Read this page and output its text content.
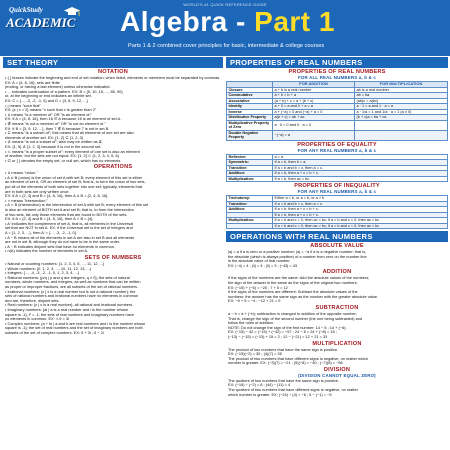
WORLD'S #1 QUICK REFERENCE GUIDE
QuickStudy
ACADEMIC Algebra - Part 1
Parts 1 & 2 combined cover principles for basic, intermediate & college courses
SET THEORY
NOTATION

• { } braces indicate the beginning and end of set notation; when listed, elements or members must be separated by commas. EX: A = {4, 8, 16}; sets are finite

(ending, or having a last element) unless otherwise indicated.

• ... indicates continuation of a pattern. EX: B = {5, 10, 15, ..., 85, 90}

or, at the beginning or end indicates an infinite set.

EX: C = {..., -3, -2, -1, 0} and D = {3, 6, 9, 12, ...}

• | means "such that"

EX: {x | x > 2} means "x such that x is greater than 2"

• ∪ means "is a member of" OR "is an element of."

EX: If A = {4, 8, 16}, then 16 ∈ A because 16 is an element of set A.

• ∉ means "is not a member of" OR "is not an element of."

EX: If B = {3, 9, 12, ...}, then 7 ∉ B because 7 is not in set B.

• ⊆ means "is a subset of"; this means that all elements of one set are also

elements of another set. EX: {1, 2} ⊆ {1, 2, 3}

• ⊄ means "is not a subset of"; also may be written as ⊈.

EX: {1, 5} ⊄ {1, 2, 3} because 5 is not in the second set.

• ⊂ means "is a proper subset of"; every element of one set is also an element

of another, but the sets are not equal. EX: {1, 2} ⊂ {1, 2, 3, 4, 5, 6}

• ∅ or { } denotes the empty set, or null set, which has no elements.

OPERATIONS

• ∪ means "union."

• A ∪ B (union) is the union of set A with set B; every element of this set is either

an element of set A, OR an element of set B; that is, to form the union of two sets,

put all of the elements of both sets together into one set; typically, elements that

are in both sets are only written once.

EX: If A = {2, 4} and B = {4, 8, 16}, then A ∪ B = {2, 4, 8, 16}.

• ∩ means "intersection."

• A ∩ B (intersection) is the intersection of set A with set B; every element of this set

is also an element of BOTH set A and set B; that is, to form the intersection

of two sets, list only those elements that are found in BOTH of the sets.

EX: If A = {2, 4} and B = {4, 8, 16}, then A ∩ B = {4}.

• A′ indicates the complement of set A, that is, all elements in the Universal

set that are NOT in set A. EX: If the Universal set is the set of integers and

A = {1, 2, 3, ...}, then A′ = {..., -3, -2, -1, 0}.

• A − B means all of the elements in set A are also in set B and all elements

are not in set B; although they do not have to be in the same order.

• A ~ B indicates disjoint sets that have no elements in common.

• n(A) indicates the number of elements in set A.

SETS OF NUMBERS

• Natural or counting numbers: {1, 2, 3, 4, 5, ..., 11, 12, ...}

• Whole numbers: {0, 1, 2, 3, ..., 10, 11, 12, 13, ...}

• Integers: {..., -4, -3, -2, -1, 0, 1, 2, 3, 4, ...}

• Rational numbers: {p/q | p and q are integers, q ≠ 0}; the sets of natural

numbers, whole numbers, and integers, as well as numbers that can be written

as proper or improper fractions, are all subsets of the set of rational numbers.

• Irrational numbers: {x | x is a real number but is not a rational number}; the

sets of rational numbers and irrational numbers have no elements in common

and are, therefore, disjoint sets.

• Real numbers: {x | x is a real number}; all rational and irrational numbers.

• Imaginary numbers: {ai | a is a real number and i is the number whose

square is -1}; i² = -1; the sets of real numbers and imaginary numbers have

no elements in common. EX: √-9 = 3i

• Complex numbers: {a + bi | a and b are real numbers and i is the number whose

square is -1}; the set of real numbers and the set of imaginary numbers are both

subsets of the set of complex numbers. EX: 5 + 3i ; 5 − 2i

PROPERTIES OF REAL NUMBERS
PROPERTIES OF REAL NUMBERS
FOR ALL REAL NUMBERS a, b & c
	FOR ADDITION	FOR MULTIPLICATION
Closure	a + b is a real number	ab is a real number
Commutative	a + b = b + a	ab = ba
Associative	(a + b) + c = a + (b + c)	(ab)c = a(bc)
Identity	a + 0 = a and 0 + a = a	a · 1 = a and 1 · a = a
Inverse	a + (−a) = 0 and (−a) + a = 0	a · 1/a = 1 and 1/a · a = 1 (a ≠ 0)
Distributive Property	a(b + c) = ab + ac	(b + c)a = ba + ca
Multiplicative Property of Zero	a · 0 = 0 and 0 · a = 0	
Double Negative Property	−(−a) = a	
PROPERTIES OF EQUALITY
FOR ANY REAL NUMBERS a, b & c
Reflexive:	a = a
Symmetric:	If a = b, then b = a.
Transitive:	If a = b and b = c, then a = c.
Addition:	If a = b, then a + c = b + c.
Multiplication:	If a = b, then ac = bc.
PROPERTIES OF INEQUALITY
FOR ANY REAL NUMBERS a, b & c
Trichotomy:	Either a < b, or a = b, or a > b
Transitive:	If a < b and b < c, then a < c.
Addition:	If a < b, then a + c < b + c.
	If a > b, then a + c > b + c.
Multiplication:	If a < b and c > 0, then ac < bc; if a < b and c < 0, then ac > bc
	If a > b and c > 0, then ac > bc; if a > b and c < 0, then ac < bc
OPERATIONS WITH REAL NUMBERS
ABSOLUTE VALUE

|a| = a if a is zero or a positive number; |a| = −a if a is a negative number; that is,

the absolute (which is always positive) of a number from zero on the number line

is the absolute value of that number.

EX: |−4| = 4 ; |4| = 4 ; |3| = 3 ; |−43| = 43

ADDITION

If the signs of the numbers are the same: Add the absolute values of the numbers;

the sign of the answer is the same as the signs of the original two numbers.

EX: (−15) + (−5) = −20 ; 7 + 5 = 12

If the signs of the numbers are different: Subtract the absolute values of the

numbers; the answer has the same sign as the number with the greater absolute value.

EX: −9 + 5 = −4 ; −12 + 21 = 9

SUBTRACTION

a − b = a + (−b); subtraction is changed to addition of the opposite number;

That is, change the sign of the second number (the one being subtracted) and

follow the rules of addition.

NOTE: Do not change the sign of the first number: 14 − 6 ; 14 + (−6).

EX: (−15) − 42 = (−15) + (−42) = −57 ; 24 − 8 = 24 + (−8) = 16 ;

(−13) − (−15) = (−13) + 15 = 2 ; 12 − (−21) = 12 + 21 = 33

MULTIPLICATION

The product of two numbers that have the same sign is positive.

EX: (−15)(−2) = 30 ; (4)(7) = 28

The product of two numbers that have different signs is negative, no matter which

number is greater. EX: (−3)(7) = −21 ; (5)(−8) = −40 ; (−7)(8) = −56

DIVISION
(DIVISION CANNOT EQUAL ZERO)

The quotient of two numbers that have the same sign is positive.

EX: (−16) ÷ (−2) = 8 ; (44) ÷ (11) = 4

The quotient of two numbers that have different signs is negative, no matter

which number is greater. EX: (−24) ÷ (4) = −6 ; 5 ÷ (−1) = −5
